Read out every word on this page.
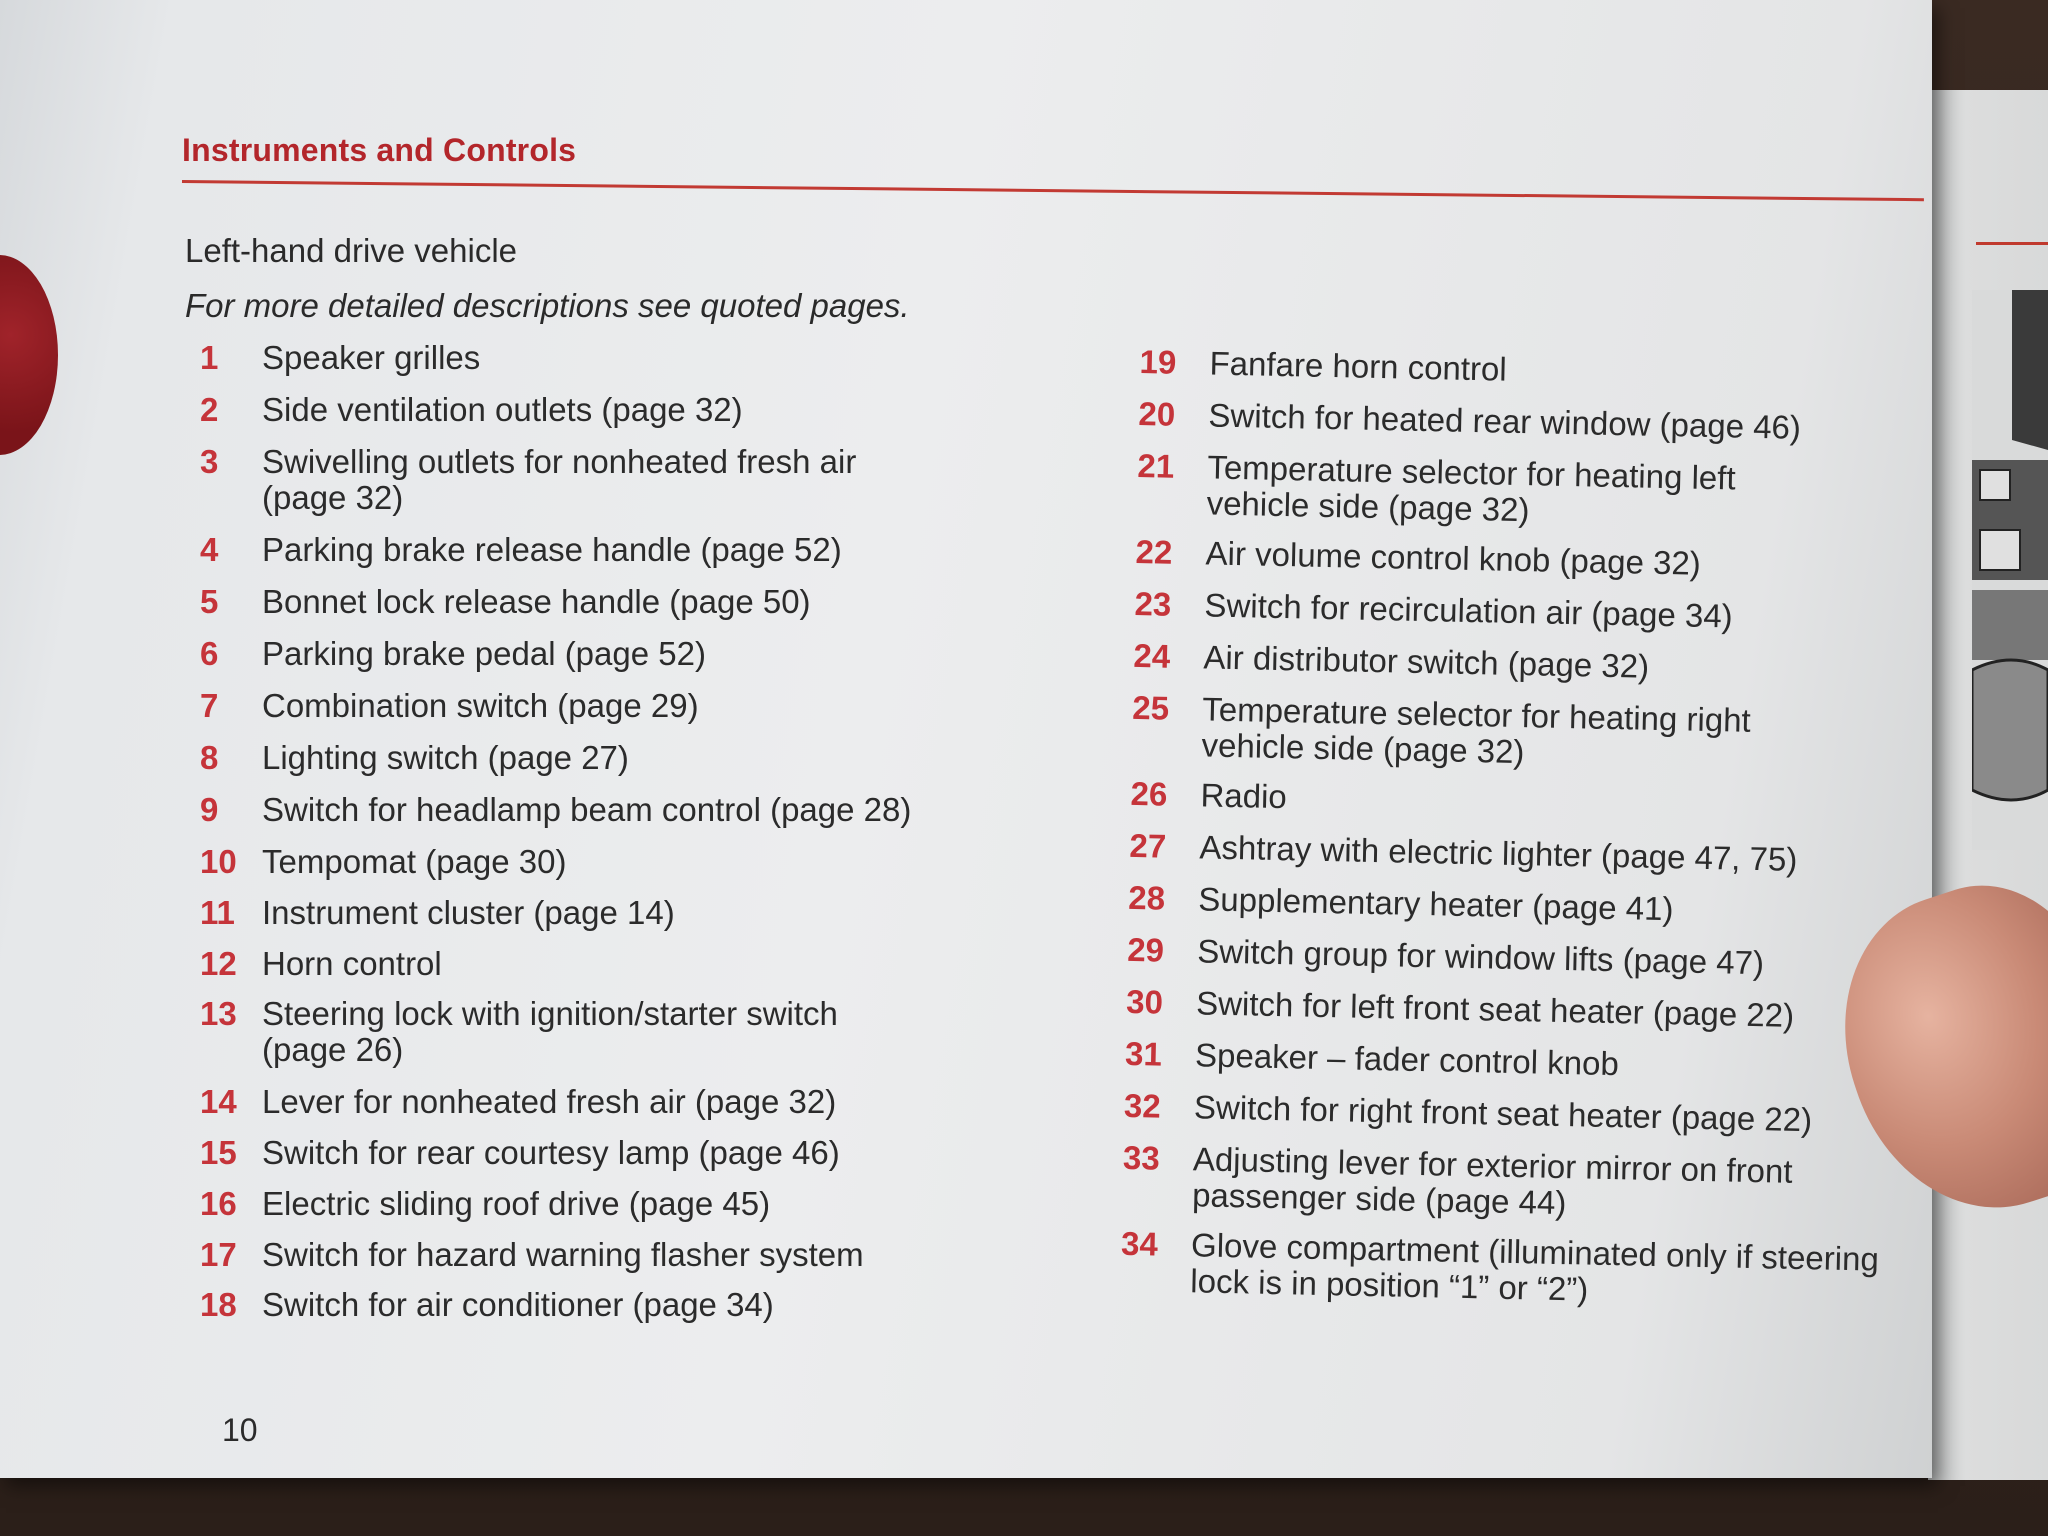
Instruments and Controls
Left-hand drive vehicle
For more detailed descriptions see quoted pages.
1	Speaker grilles
2	Side ventilation outlets (page 32)
3	Swivelling outlets for nonheated fresh air
(page 32)
4	Parking brake release handle (page 52)
5	Bonnet lock release handle (page 50)
6	Parking brake pedal (page 52)
7	Combination switch (page 29)
8	Lighting switch (page 27)
9	Switch for headlamp beam control (page 28)
10 Tempomat (page 30)
11 Instrument cluster (page 14)
12 Horn control
13 Steering lock with ignition/starter switch
(page 26)
14 Lever for nonheated fresh air (page 32)
15 Switch for rear courtesy lamp (page 46)
16 Electric sliding roof drive (page 45)
17 Switch for hazard warning flasher system
18 Switch for air conditioner (page 34)
19 Fanfare horn control
20 Switch for heated rear window (page 46)
21 Temperature selector for heating left
vehicle side (page 32)
22 Air volume control knob (page 32)
23 Switch for recirculation air (page 34)
24 Air distributor switch (page 32)
25 Temperature selector for heating right
vehicle side (page 32)
26 Radio
27 Ashtray with electric lighter (page 47, 75)
28 Supplementary heater (page 41)
29 Switch group for window lifts (page 47)
30 Switch for left front seat heater (page 22)
31 Speaker – fader control knob
32 Switch for right front seat heater (page 22)
33 Adjusting lever for exterior mirror on front
passenger side (page 44)
34 Glove compartment (illuminated only if steering
lock is in position “1” or “2”)
10
